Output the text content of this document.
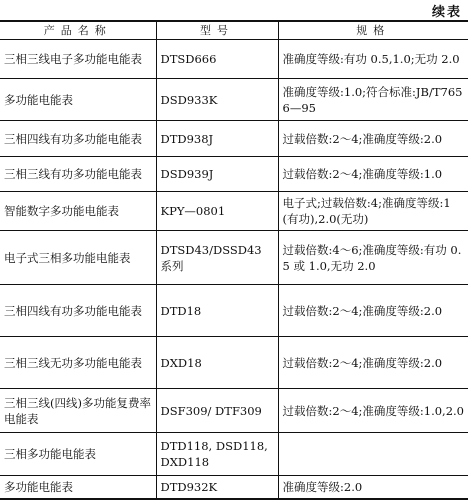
续表
产品名称	型号	规格
三相三线电子多功能电能表	DTSD666	准确度等级:有功 0.5,1.0;无功 2.0
多功能电能表	DSD933K	准确度等级:1.0;符合标准:JB/T7656—95
三相四线有功多功能电能表	DTD938J	过载倍数:2～4;准确度等级:2.0
三相三线有功多功能电能表	DSD939J	过载倍数:2～4;准确度等级:1.0
智能数字多功能电能表	KPY—0801	电子式;过载倍数:4;准确度等级:1(有功),2.0(无功)
电子式三相多功能电能表	DTSD43/DSSD43 系列	过载倍数:4～6;准确度等级:有功 0.5 或 1.0,无功 2.0
三相四线有功多功能电能表	DTD18	过载倍数:2～4;准确度等级:2.0
三相三线无功多功能电能表	DXD18	过载倍数:2～4;准确度等级:2.0
三相三线(四线)多功能复费率电能表	DSF309/ DTF309	过载倍数:2～4;准确度等级:1.0,2.0
三相多功能电能表	DTD118, DSD118, DXD118	
多功能电能表	DTD932K	准确度等级:2.0
